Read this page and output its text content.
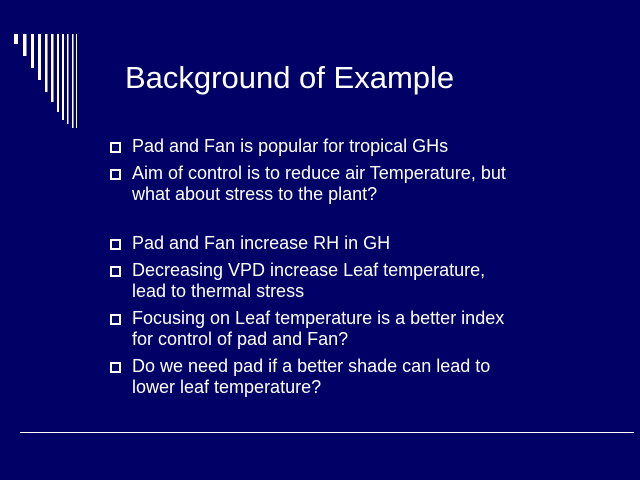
Background of Example
Pad and Fan is popular for tropical GHs
Aim of control is to reduce air Temperature, but
what about stress to the plant?
Pad and Fan increase RH in GH
Decreasing VPD increase Leaf temperature,
lead to thermal stress
Focusing on Leaf temperature is a better index
for control of pad and Fan?
Do we need pad if a better shade can lead to
lower leaf temperature?
